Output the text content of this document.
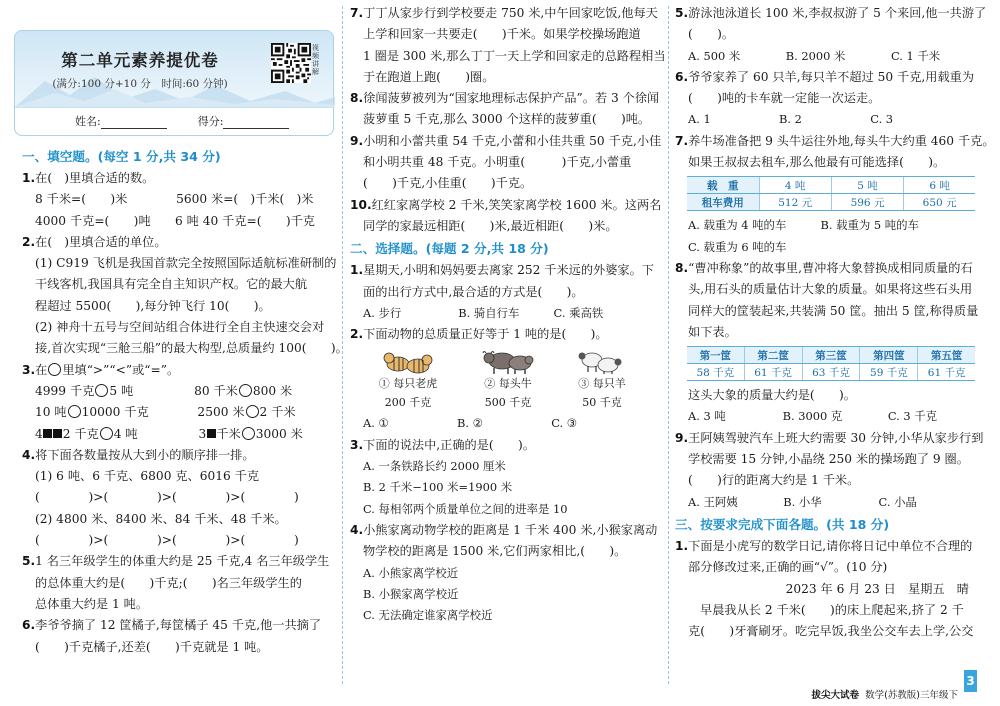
第二单元素养提优卷
(满分:100 分+10 分　时间:60 分钟)
视频讲解
姓名:	得分:
一、填空题。(每空 1 分,共 34 分)
1.在(　 )里填合适的数。
8 千米=(　　 )米　　　　	5600 米=(　 )千米(　 )米
4000 千克=(　　 )吨　　 6 吨 40 千克=(　　 )千克
2.在(　 )里填合适的单位。
(1) C919 飞机是我国首款完全按照国际适航标准研制的
干线客机,我国具有完全自主知识产权。它的最大航
程超过 5500(　　 ),每分钟飞行 10(　　 )。
(2) 神舟十五号与空间站组合体进行全自主快速交会对
接,首次实现“三舱三船”的最大构型,总质量约 100(　　 )。
3.在 里填“>”“<”或“=”。
4999 千克 5 吨　　　　　	80 千米 800 米
10 吨 10000 千克　　　　	2500 米 2 千米
4 2 千克 4 吨　　　　　	3 千米 3000 米
4.将下面各数量按从大到小的顺序排一排。
(1) 6 吨、6 千克、6800 克、6016 千克
(　　　　	)>(　　　　	)>(　　　　	)>(　　　　	)
(2) 4800 米、8400 米、84 千米、48 千米。
(　　　　	)>(　　　　	)>(　　　　	)>(　　　　	)
5.1 名三年级学生的体重大约是 25 千克,4 名三年级学生
的总体重大约是(　　 )千克;(　　 )名三年级学生的
总体重大约是 1 吨。
6.李爷爷摘了 12 筐橘子,每筐橘子 45 千克,他一共摘了
(　　 )千克橘子,还差(　　 )千克就是 1 吨。
7.丁丁从家步行到学校要走 750 米,中午回家吃饭,他每天
上学和回家一共要走(　　 )千米。如果学校操场跑道
1 圈是 300 米,那么丁丁一天上学和回家走的总路程相当
于在跑道上跑(　　 )圈。
8.徐闻菠萝被列为“国家地理标志保护产品”。若 3 个徐闻
菠萝重 5 千克,那么 3000 个这样的菠萝重(　　 )吨。
9.小明和小蕾共重 54 千克,小蕾和小佳共重 50 千克,小佳
和小明共重 48 千克。小明重(　　　	)千克,小蕾重
(　　 )千克,小佳重(　　 )千克。
10.红红家离学校 2 千米,笑笑家离学校 1600 米。这两名
同学的家最远相距(　　 )米,最近相距(　　 )米。
二、选择题。(每题 2 分,共 18 分)
1.星期天,小明和妈妈要去离家 252 千米远的外婆家。下
面的出行方式中,最合适的方式是(　　 )。
A. 步行　　　　　B. 骑自行车　　　C. 乘高铁
2.下面动物的总质量正好等于 1 吨的是(　　 )。
① 每只老虎
200 千克
② 每头牛
500 千克
③ 每只羊
50 千克
A. ①　　　　　　B. ②　　　　　　C. ③
3.下面的说法中,正确的是(　　 )。
A. 一条铁路长约 2000 厘米
B. 2 千米−100 米=1900 米
C. 每相邻两个质量单位之间的进率是 10
4.小熊家离动物学校的距离是 1 千米 400 米,小猴家离动
物学校的距离是 1500 米,它们两家相比,(　　 )。
A. 小熊家离学校近
B. 小猴家离学校近
C. 无法确定谁家离学校近
5.游泳池泳道长 100 米,李叔叔游了 5 个来回,他一共游了
(　　 )。
A. 500 米　　　　B. 2000 米　　　　C. 1 千米
6.爷爷家养了 60 只羊,每只羊不超过 50 千克,用载重为
(　　 )吨的卡车就一定能一次运走。
A. 1　　　　　　B. 2　　　　　　C. 3
7.养牛场准备把 9 头牛运往外地,每头牛大约重 460 千克。
如果王叔叔去租车,那么他最有可能选择(　　 )。
载　重	4 吨	5 吨	6 吨
租车费用	512 元	596 元	650 元
A. 载重为 4 吨的车　　　B. 载重为 5 吨的车
C. 载重为 6 吨的车
8.“曹冲称象”的故事里,曹冲将大象替换成相同质量的石
头,用石头的质量估计大象的质量。如果将这些石头用
同样大的筐装起来,共装满 50 筐。抽出 5 筐,称得质量
如下表。
第一筐	第二筐	第三筐	第四筐	第五筐
58 千克	61 千克	63 千克	59 千克	61 千克
这头大象的质量大约是(　　 )。
A. 3 吨　　　　　B. 3000 克　　　　C. 3 千克
9.王阿姨驾驶汽车上班大约需要 30 分钟,小华从家步行到
学校需要 15 分钟,小晶绕 250 米的操场跑了 9 圈。
(　　 )行的距离大约是 1 千米。
A. 王阿姨　　　　B. 小华　　　　　C. 小晶
三、按要求完成下面各题。(共 18 分)
1.下面是小虎写的数学日记,请你将日记中单位不合理的
部分修改过来,正确的画“√”。(10 分)
2023 年 6 月 23 日　星期五　晴
早晨我从长 2 千米(　　 )的床上爬起来,挤了 2 千
克(　　 )牙膏刷牙。吃完早饭,我坐公交车去上学,公交
拔尖大试卷 数学(苏教版)三年级下
3
